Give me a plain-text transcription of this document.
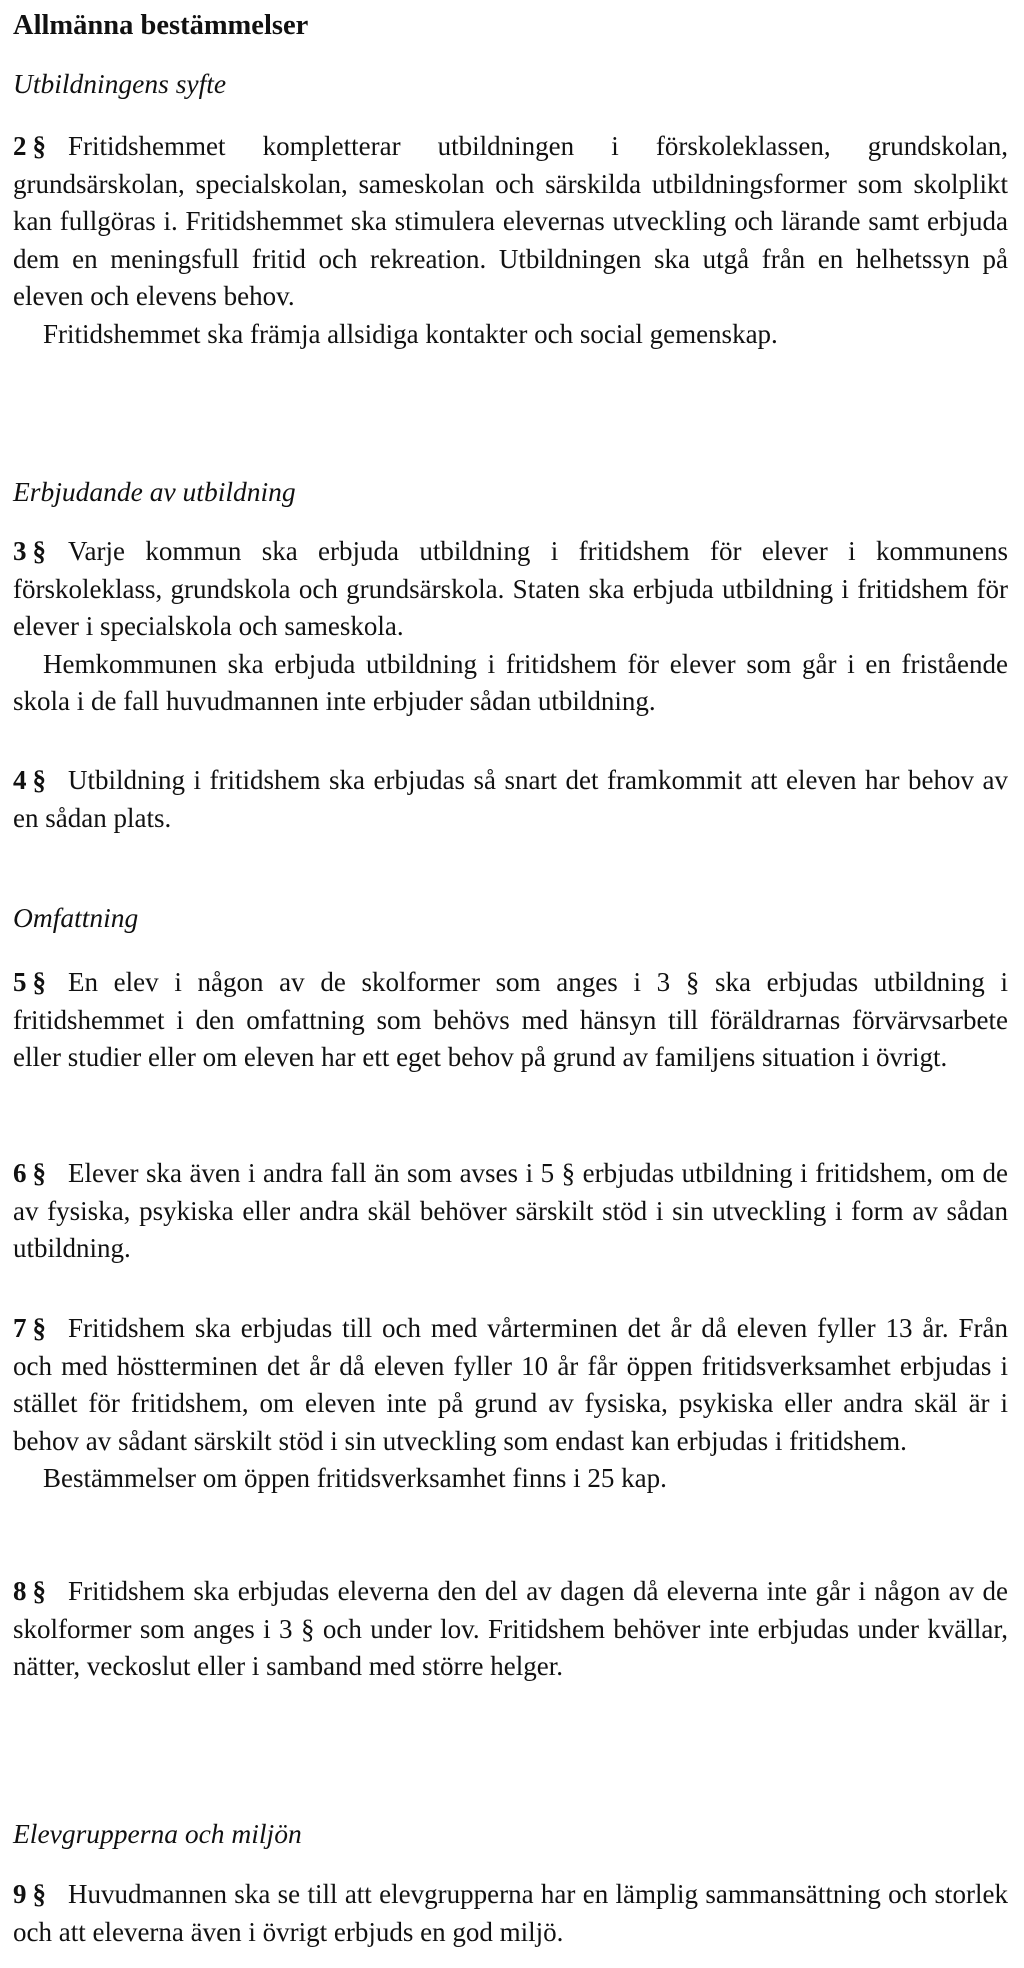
Allmänna bestämmelser
Utbildningens syfte

2 § Fritidshemmet kompletterar utbildningen i förskoleklassen, grundskolan, grundsärskolan, specialskolan, sameskolan och särskilda utbildningsformer som skolplikt kan fullgöras i. Fritidshemmet ska stimulera elevernas utveckling och lärande samt erbjuda dem en meningsfull fritid och rekreation. Utbildningen ska utgå från en helhetssyn på eleven och elevens behov.

Fritidshemmet ska främja allsidiga kontakter och social gemenskap.

Erbjudande av utbildning

3 § Varje kommun ska erbjuda utbildning i fritidshem för elever i kommunens förskoleklass, grundskola och grundsärskola. Staten ska erbjuda utbildning i fritidshem för elever i specialskola och sameskola.

Hemkommunen ska erbjuda utbildning i fritidshem för elever som går i en fristående skola i de fall huvudmannen inte erbjuder sådan utbildning.

4 § Utbildning i fritidshem ska erbjudas så snart det framkommit att eleven har behov av en sådan plats.

Omfattning

5 § En elev i någon av de skolformer som anges i 3 § ska erbjudas utbildning i fritidshemmet i den omfattning som behövs med hänsyn till föräldrarnas förvärvsarbete eller studier eller om eleven har ett eget behov på grund av familjens situation i övrigt.

6 § Elever ska även i andra fall än som avses i 5 § erbjudas utbildning i fritidshem, om de av fysiska, psykiska eller andra skäl behöver särskilt stöd i sin utveckling i form av sådan utbildning.

7 § Fritidshem ska erbjudas till och med vårterminen det år då eleven fyller 13 år. Från och med höstterminen det år då eleven fyller 10 år får öppen fritidsverksamhet erbjudas i stället för fritidshem, om eleven inte på grund av fysiska, psykiska eller andra skäl är i behov av sådant särskilt stöd i sin utveckling som endast kan erbjudas i fritidshem.

Bestämmelser om öppen fritidsverksamhet finns i 25 kap.

8 § Fritidshem ska erbjudas eleverna den del av dagen då eleverna inte går i någon av de skolformer som anges i 3 § och under lov. Fritidshem behöver inte erbjudas under kvällar, nätter, veckoslut eller i samband med större helger.

Elevgrupperna och miljön

9 § Huvudmannen ska se till att elevgrupperna har en lämplig sammansättning och storlek och att eleverna även i övrigt erbjuds en god miljö.
